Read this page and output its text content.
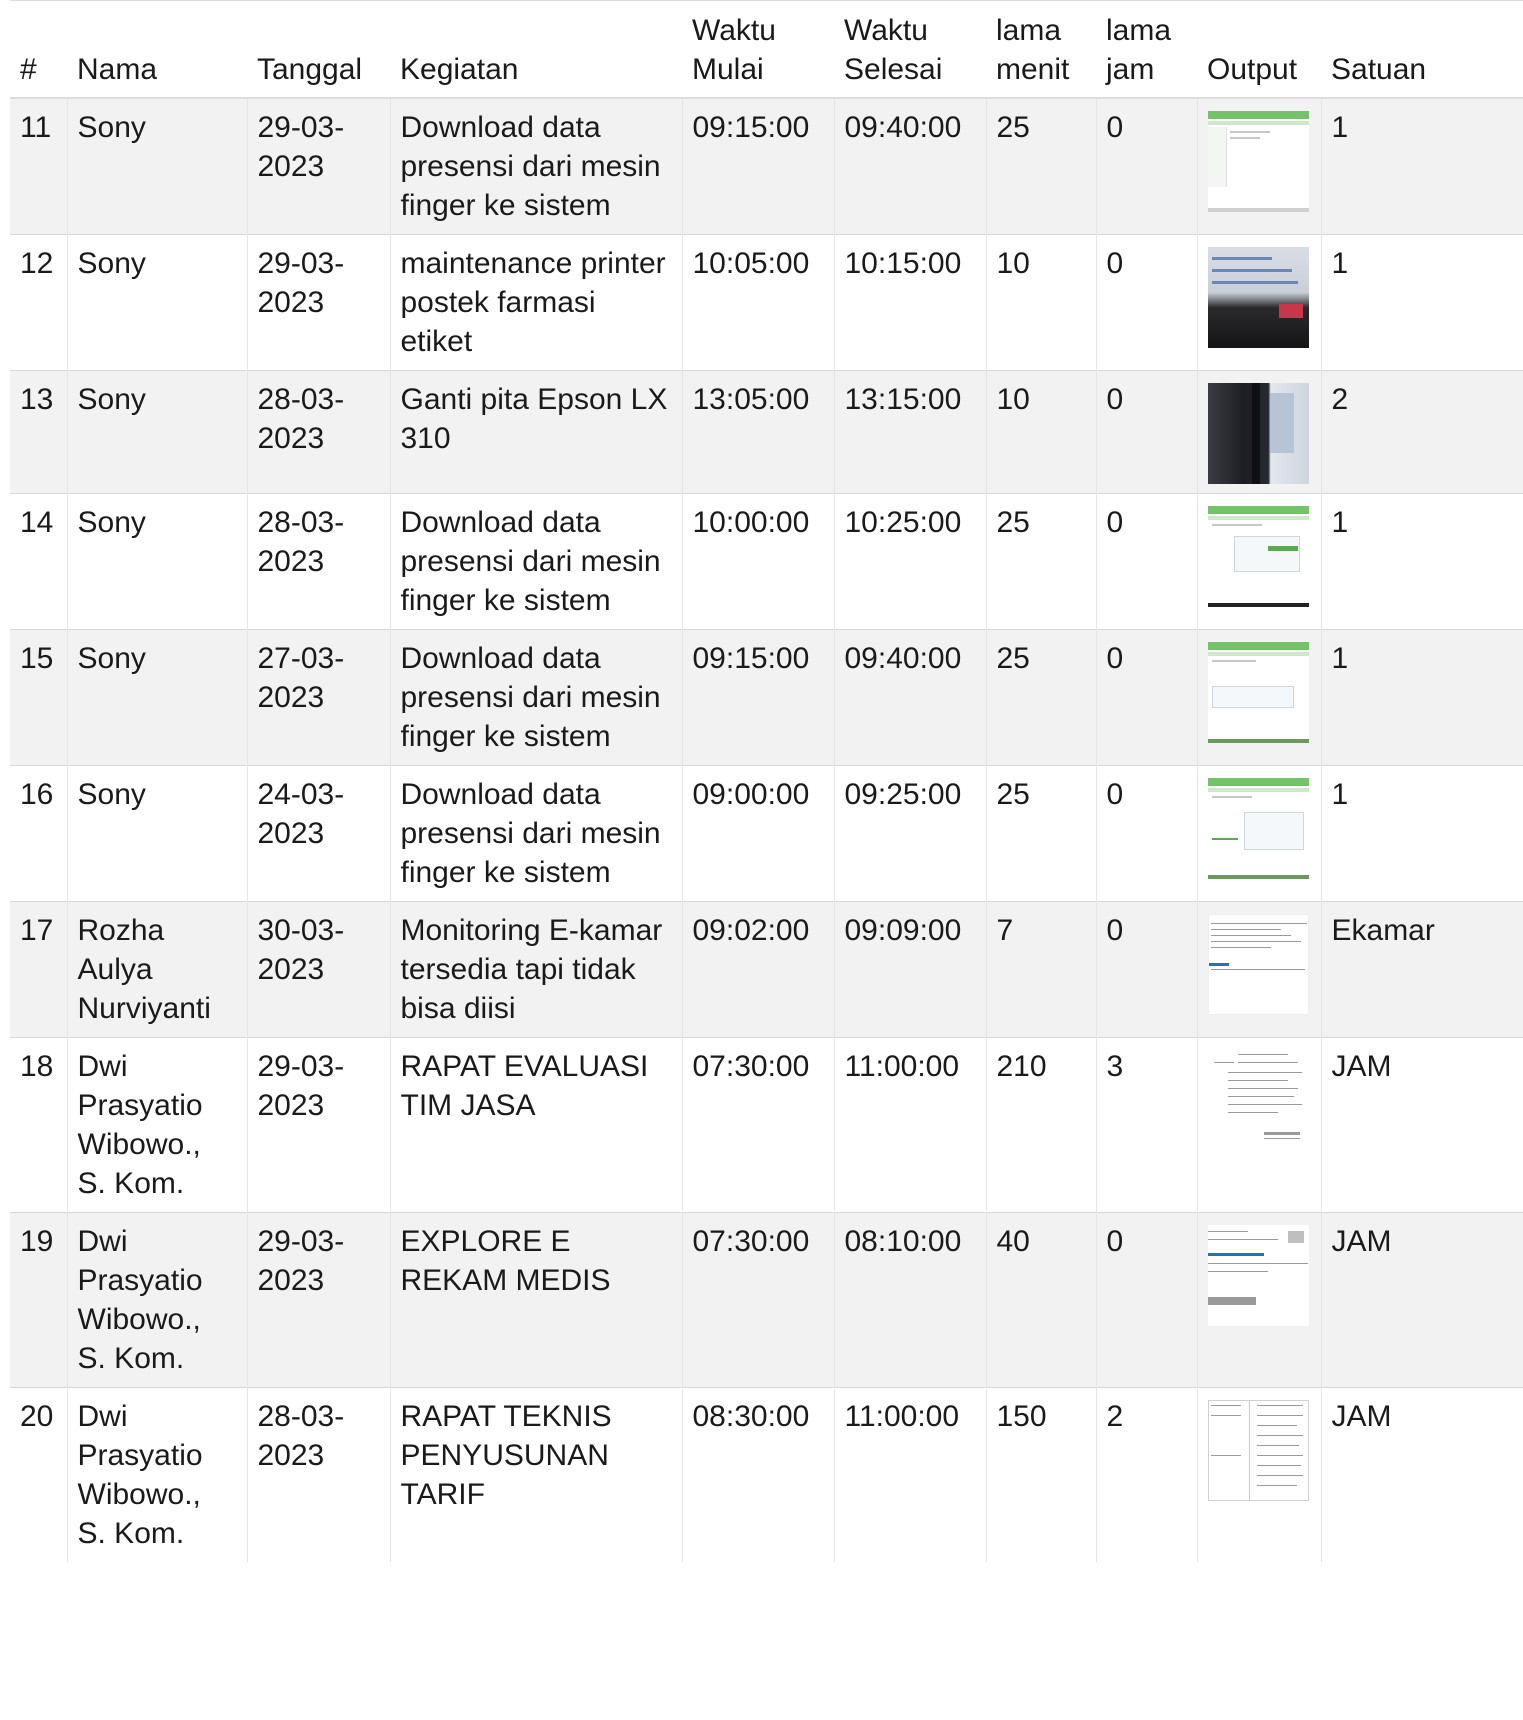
#	Nama	Tanggal	Kegiatan	Waktu Mulai	Waktu Selesai	lama menit	lama jam	Output	Satuan
11	Sony	29-03-2023	Download data presensi dari mesin finger ke sistem	09:15:00	09:40:00	25	0		1
12	Sony	29-03-2023	maintenance printer postek farmasi etiket	10:05:00	10:15:00	10	0		1
13	Sony	28-03-2023	Ganti pita Epson LX 310	13:05:00	13:15:00	10	0		2
14	Sony	28-03-2023	Download data presensi dari mesin finger ke sistem	10:00:00	10:25:00	25	0		1
15	Sony	27-03-2023	Download data presensi dari mesin finger ke sistem	09:15:00	09:40:00	25	0		1
16	Sony	24-03-2023	Download data presensi dari mesin finger ke sistem	09:00:00	09:25:00	25	0		1
17	Rozha Aulya Nurviyanti	30-03-2023	Monitoring E-kamar tersedia tapi tidak bisa diisi	09:02:00	09:09:00	7	0		Ekamar
18	Dwi Prasyatio Wibowo., S. Kom.	29-03-2023	RAPAT EVALUASI TIM JASA	07:30:00	11:00:00	210	3		JAM
19	Dwi Prasyatio Wibowo., S. Kom.	29-03-2023	EXPLORE E REKAM MEDIS	07:30:00	08:10:00	40	0		JAM
20	Dwi Prasyatio Wibowo., S. Kom.	28-03-2023	RAPAT TEKNIS PENYUSUNAN TARIF	08:30:00	11:00:00	150	2		JAM
